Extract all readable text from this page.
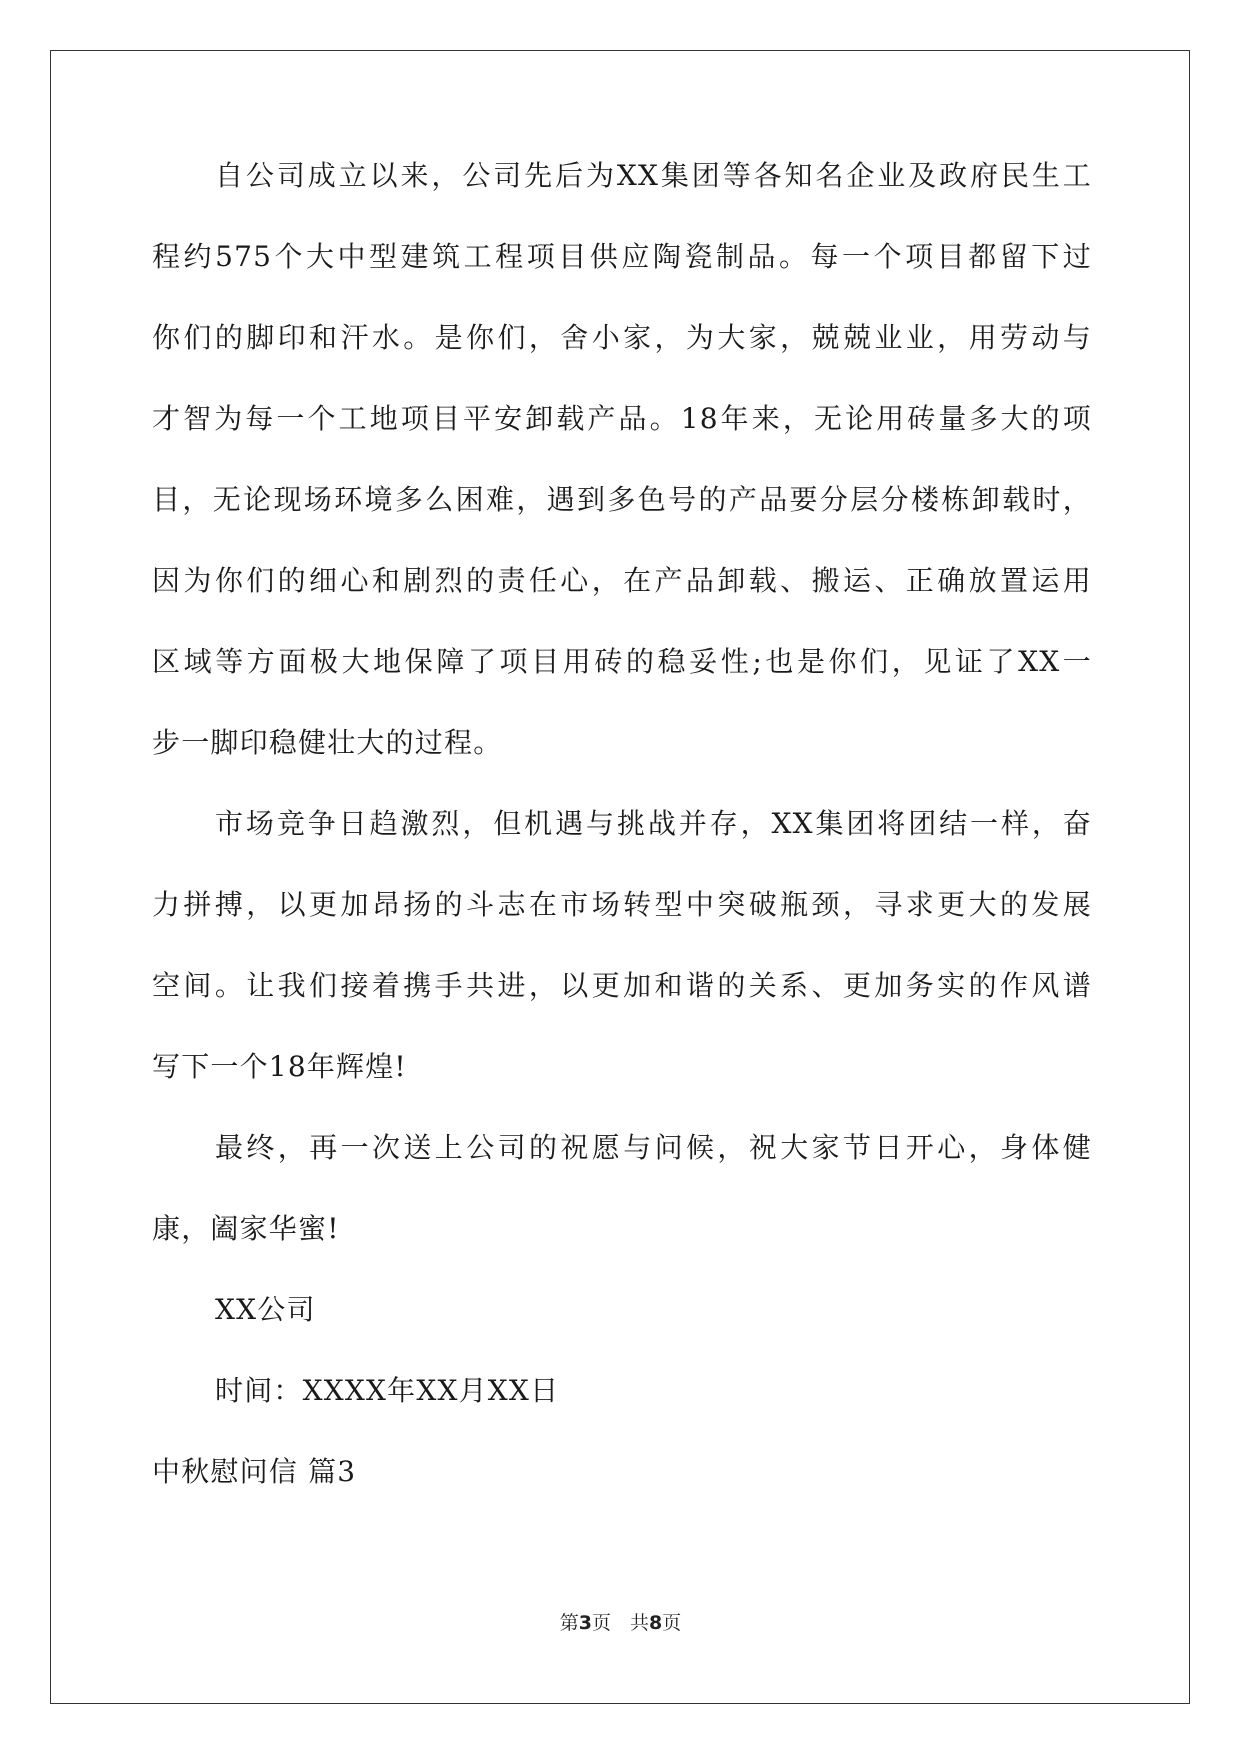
自公司成立以来，公司先后为XX集团等各知名企业及政府民生工
程约575个大中型建筑工程项目供应陶瓷制品。每一个项目都留下过
你们的脚印和汗水。是你们，舍小家，为大家，兢兢业业，用劳动与
才智为每一个工地项目平安卸载产品。18年来，无论用砖量多大的项
目，无论现场环境多么困难，遇到多色号的产品要分层分楼栋卸载时，
因为你们的细心和剧烈的责任心，在产品卸载、搬运、正确放置运用
区域等方面极大地保障了项目用砖的稳妥性;也是你们，见证了XX一
步一脚印稳健壮大的过程。
市场竞争日趋激烈，但机遇与挑战并存，XX集团将团结一样，奋
力拼搏，以更加昂扬的斗志在市场转型中突破瓶颈，寻求更大的发展
空间。让我们接着携手共进，以更加和谐的关系、更加务实的作风谱
写下一个18年辉煌!
最终，再一次送上公司的祝愿与问候，祝大家节日开心，身体健
康，阖家华蜜!
XX公司
时间：XXXX年XX月XX日
中秋慰问信 篇3
第3页　共8页
